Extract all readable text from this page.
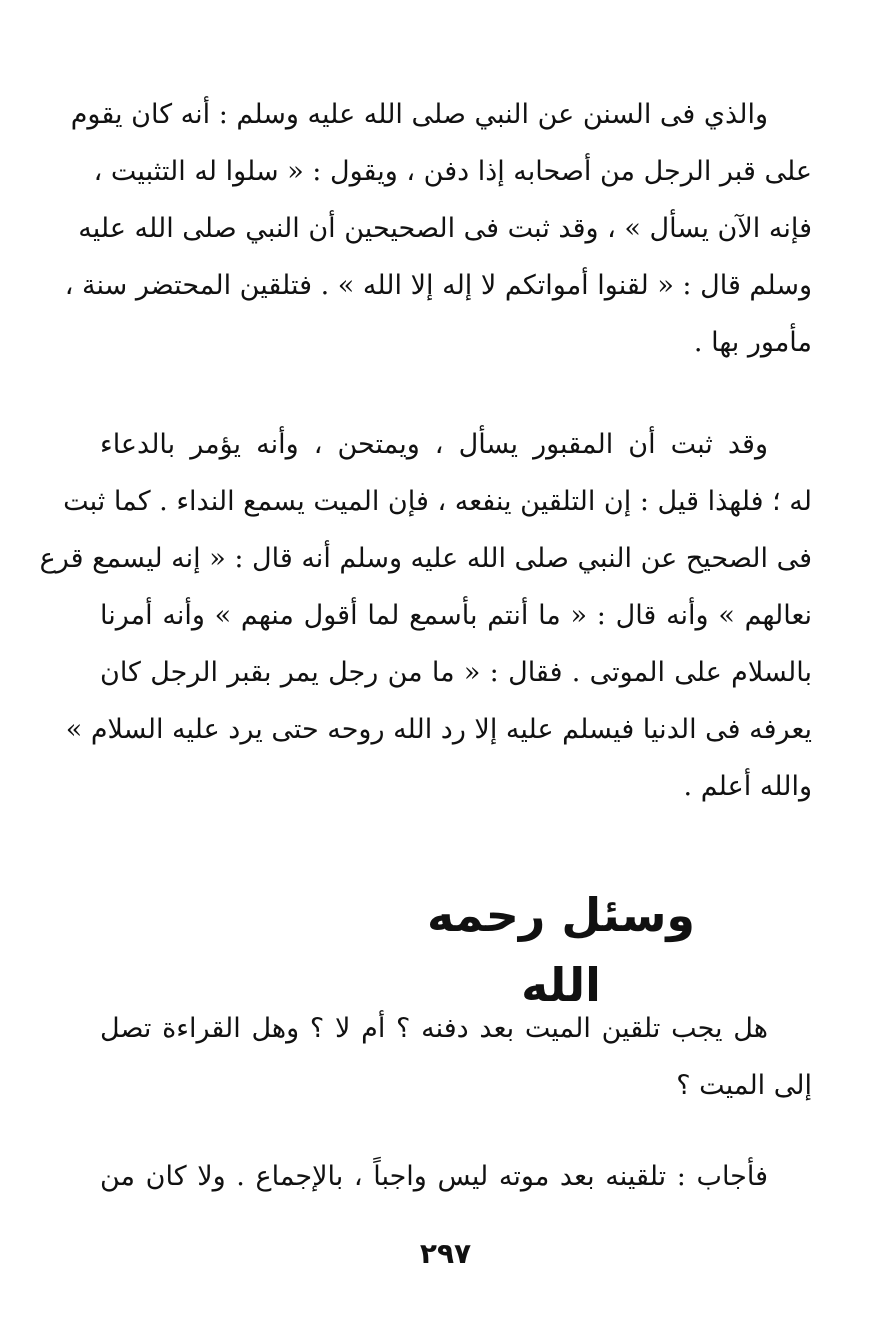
والذي فى السنن عن النبي صلى الله عليه وسلم : أنه كان يقوم
على قبر الرجل من أصحابه إذا دفن ، ويقول : « سلوا له التثبيت ،
فإنه الآن يسأل » ، وقد ثبت فى الصحيحين أن النبي صلى الله عليه
وسلم قال : « لقنوا أمواتكم لا إله إلا الله » . فتلقين المحتضر سنة ،
مأمور بها .
وقد ثبت أن المقبور يسأل ، ويمتحن ، وأنه يؤمر بالدعاء
له ؛ فلهذا قيل : إن التلقين ينفعه ، فإن الميت يسمع النداء . كما ثبت
فى الصحيح عن النبي صلى الله عليه وسلم أنه قال : « إنه ليسمع قرع
نعالهم » وأنه قال : « ما أنتم بأسمع لما أقول منهم » وأنه أمرنا
بالسلام على الموتى . فقال : « ما من رجل يمر بقبر الرجل كان
يعرفه فى الدنيا فيسلم عليه إلا رد الله روحه حتى يرد عليه السلام »
والله أعلم .
وسئل رحمه الله
هل يجب تلقين الميت بعد دفنه ؟ أم لا ؟ وهل القراءة تصل
إلى الميت ؟
فأجاب : تلقينه بعد موته ليس واجباً ، بالإجماع . ولا كان من
٢٩٧
